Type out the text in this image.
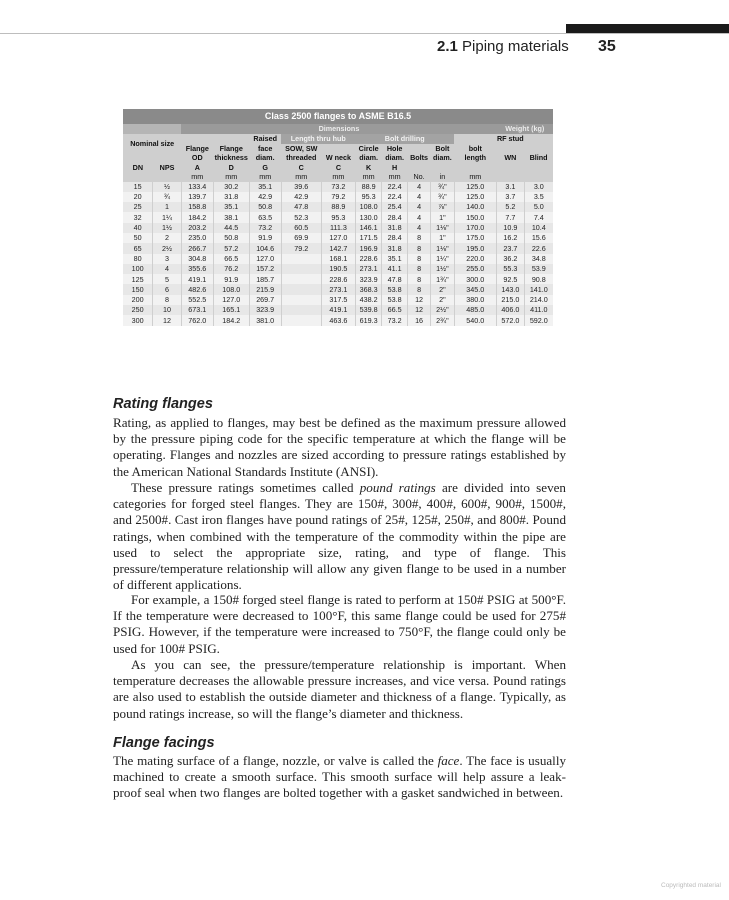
2.1 Piping materials 35
Class 2500 flanges to ASME B16.5													
		Dimensions										Weight (kg)	
Nominal size				Raised	Length thru hub		Bolt drilling					RF stud	
		Flange	Flange	face	SOW, SW		Circle	Hole		Bolt	bolt		
		OD	thickness	diam.	threaded	W neck	diam.	diam.	Bolts	diam.	length	WN	Blind
DN	NPS	A	D	G	C	C	K	H					
		mm	mm	mm	mm	mm	mm	mm	No.	in	mm		
15	½	133.4	30.2	35.1	39.6	73.2	88.9	22.4	4	¾"	125.0	3.1	3.0
20	¾	139.7	31.8	42.9	42.9	79.2	95.3	22.4	4	¾"	125.0	3.7	3.5
25	1	158.8	35.1	50.8	47.8	88.9	108.0	25.4	4	⅞"	140.0	5.2	5.0
32	1¼	184.2	38.1	63.5	52.3	95.3	130.0	28.4	4	1"	150.0	7.7	7.4
40	1½	203.2	44.5	73.2	60.5	111.3	146.1	31.8	4	1⅛"	170.0	10.9	10.4
50	2	235.0	50.8	91.9	69.9	127.0	171.5	28.4	8	1"	175.0	16.2	15.6
65	2½	266.7	57.2	104.6	79.2	142.7	196.9	31.8	8	1⅛"	195.0	23.7	22.6
80	3	304.8	66.5	127.0		168.1	228.6	35.1	8	1¼"	220.0	36.2	34.8
100	4	355.6	76.2	157.2		190.5	273.1	41.1	8	1½"	255.0	55.3	53.9
125	5	419.1	91.9	185.7		228.6	323.9	47.8	8	1¾"	300.0	92.5	90.8
150	6	482.6	108.0	215.9		273.1	368.3	53.8	8	2"	345.0	143.0	141.0
200	8	552.5	127.0	269.7		317.5	438.2	53.8	12	2"	380.0	215.0	214.0
250	10	673.1	165.1	323.9		419.1	539.8	66.5	12	2½"	485.0	406.0	411.0
300	12	762.0	184.2	381.0		463.6	619.3	73.2	16	2¾"	540.0	572.0	592.0
Rating flanges

Rating, as applied to flanges, may best be defined as the maximum pressure allowed by the pressure piping code for the specific temperature at which the flange will be operating. Flanges and nozzles are sized according to pressure ratings established by the American National Standards Institute (ANSI).

These pressure ratings sometimes called pound ratings are divided into seven categories for forged steel flanges. They are 150#, 300#, 400#, 600#, 900#, 1500#, and 2500#. Cast iron flanges have pound ratings of 25#, 125#, 250#, and 800#. Pound ratings, when combined with the temperature of the commodity within the pipe are used to select the appropriate size, rating, and type of flange. This pressure/temperature relationship will allow any given flange to be used in a number of different applications.

For example, a 150# forged steel flange is rated to perform at 150# PSIG at 500°F. If the temperature were decreased to 100°F, this same flange could be used for 275# PSIG. However, if the temperature were increased to 750°F, the flange could only be used for 100# PSIG.

As you can see, the pressure/temperature relationship is important. When temperature decreases the allowable pressure increases, and vice versa. Pound ratings are also used to establish the outside diameter and thickness of a flange. Typically, as pound ratings increase, so will the flange’s diameter and thickness.

Flange facings

The mating surface of a flange, nozzle, or valve is called the face. The face is usually machined to create a smooth surface. This smooth surface will help assure a leak-proof seal when two flanges are bolted together with a gasket sandwiched in between.

Copyrighted material
